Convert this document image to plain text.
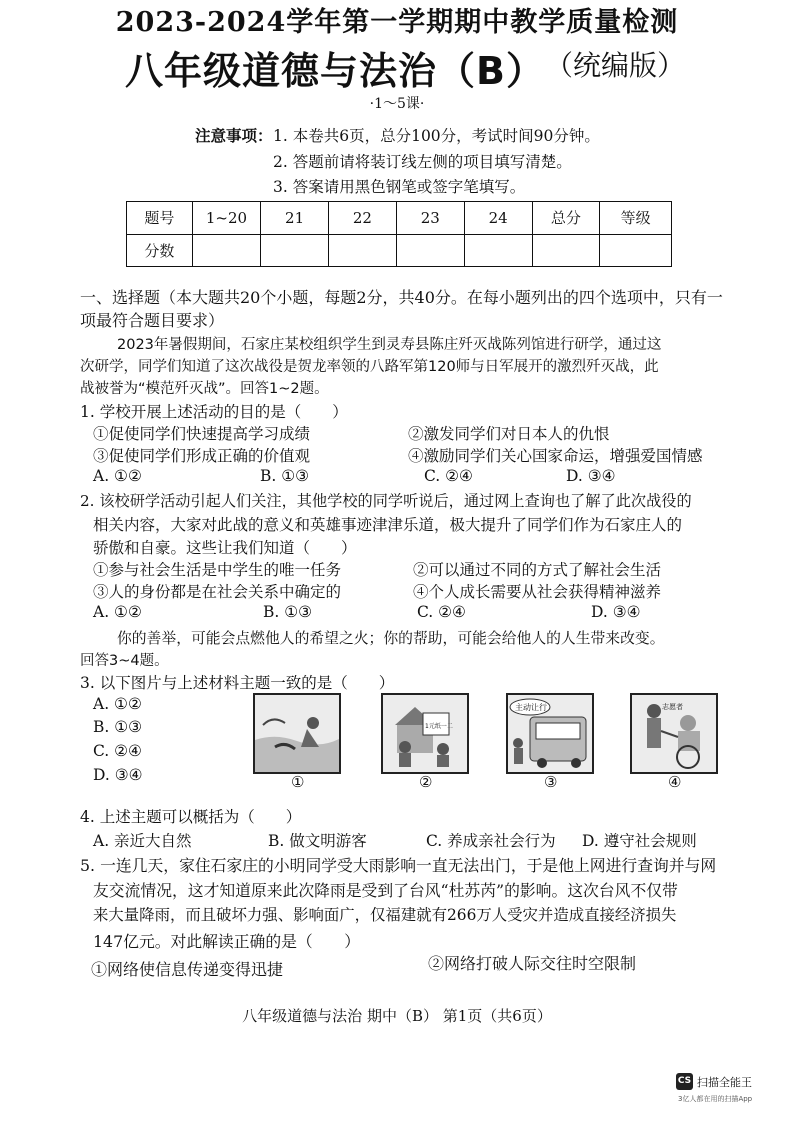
2023-2024学年第一学期期中教学质量检测
八年级道德与法治（B） （统编版）
·1～5课·
注意事项： 1. 本卷共6页，总分100分，考试时间90分钟。
2. 答题前请将装订线左侧的项目填写清楚。
3. 答案请用黑色钢笔或签字笔填写。
题号	1~20	21	22	23	24	总分	等级
分数							
一、选择题（本大题共20个小题，每题2分，共40分。在每小题列出的四个选项中，只有一
项最符合题目要求）
2023年暑假期间，石家庄某校组织学生到灵寿县陈庄歼灭战陈列馆进行研学，通过这
次研学，同学们知道了这次战役是贺龙率领的八路军第120师与日军展开的激烈歼灭战，此
战被誉为“模范歼灭战”。回答1~2题。
1. 学校开展上述活动的目的是（　　）
①促使同学们快速提高学习成绩	②激发同学们对日本人的仇恨
③促使同学们形成正确的价值观	④激励同学们关心国家命运，增强爱国情感
A. ①②	B. ①③	C. ②④	D. ③④
2. 该校研学活动引起人们关注，其他学校的同学听说后，通过网上查询也了解了此次战役的
相关内容，大家对此战的意义和英雄事迹津津乐道，极大提升了同学们作为石家庄人的
骄傲和自豪。这些让我们知道（　　）
①参与社会生活是中学生的唯一任务	②可以通过不同的方式了解社会生活
③人的身份都是在社会关系中确定的	④个人成长需要从社会获得精神滋养
A. ①②	B. ①③	C. ②④	D. ③④
你的善举，可能会点燃他人的希望之火；你的帮助，可能会给他人的人生带来改变。
回答3~4题。
3. 以下图片与上述材料主题一致的是（　　）
A. ①②
B. ①③
C. ②④
D. ③④
1元纸一二
主动让行	志愿者
①	②	③	④
4. 上述主题可以概括为（　　）
A. 亲近大自然	B. 做文明游客	C. 养成亲社会行为 D. 遵守社会规则
5. 一连几天，家住石家庄的小明同学受大雨影响一直无法出门，于是他上网进行查询并与网
友交流情况，这才知道原来此次降雨是受到了台风“杜苏芮”的影响。这次台风不仅带
来大量降雨，而且破坏力强、影响面广，仅福建就有266万人受灾并造成直接经济损失
147亿元。对此解读正确的是（　　）
①网络使信息传递变得迅捷	②网络打破人际交往时空限制
八年级道德与法治 期中（B） 第1页（共6页）
CS 扫描全能王
3亿人都在用的扫描App
